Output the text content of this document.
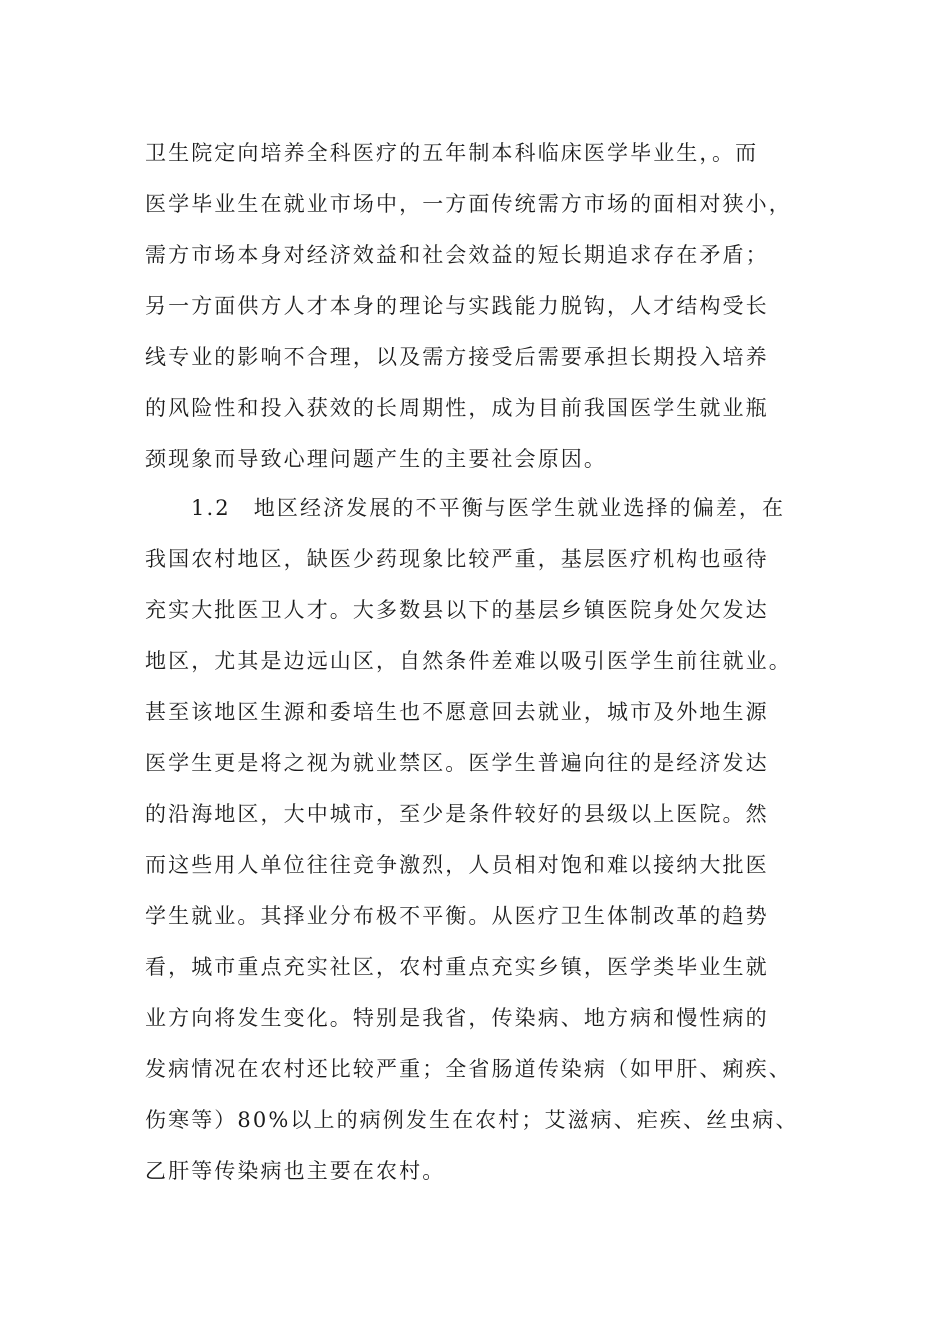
卫生院定向培养全科医疗的五年制本科临床医学毕业生，。而
医学毕业生在就业市场中，一方面传统需方市场的面相对狭小，
需方市场本身对经济效益和社会效益的短长期追求存在矛盾；
另一方面供方人才本身的理论与实践能力脱钩，人才结构受长
线专业的影响不合理，以及需方接受后需要承担长期投入培养
的风险性和投入获效的长周期性，成为目前我国医学生就业瓶
颈现象而导致心理问题产生的主要社会原因。
1.2　地区经济发展的不平衡与医学生就业选择的偏差，在
我国农村地区，缺医少药现象比较严重，基层医疗机构也亟待
充实大批医卫人才。大多数县以下的基层乡镇医院身处欠发达
地区，尤其是边远山区，自然条件差难以吸引医学生前往就业。
甚至该地区生源和委培生也不愿意回去就业，城市及外地生源
医学生更是将之视为就业禁区。医学生普遍向往的是经济发达
的沿海地区，大中城市，至少是条件较好的县级以上医院。然
而这些用人单位往往竞争激烈，人员相对饱和难以接纳大批医
学生就业。其择业分布极不平衡。从医疗卫生体制改革的趋势
看，城市重点充实社区，农村重点充实乡镇，医学类毕业生就
业方向将发生变化。特别是我省，传染病、地方病和慢性病的
发病情况在农村还比较严重；全省肠道传染病（如甲肝、痢疾、
伤寒等）80%以上的病例发生在农村；艾滋病、疟疾、丝虫病、
乙肝等传染病也主要在农村。
